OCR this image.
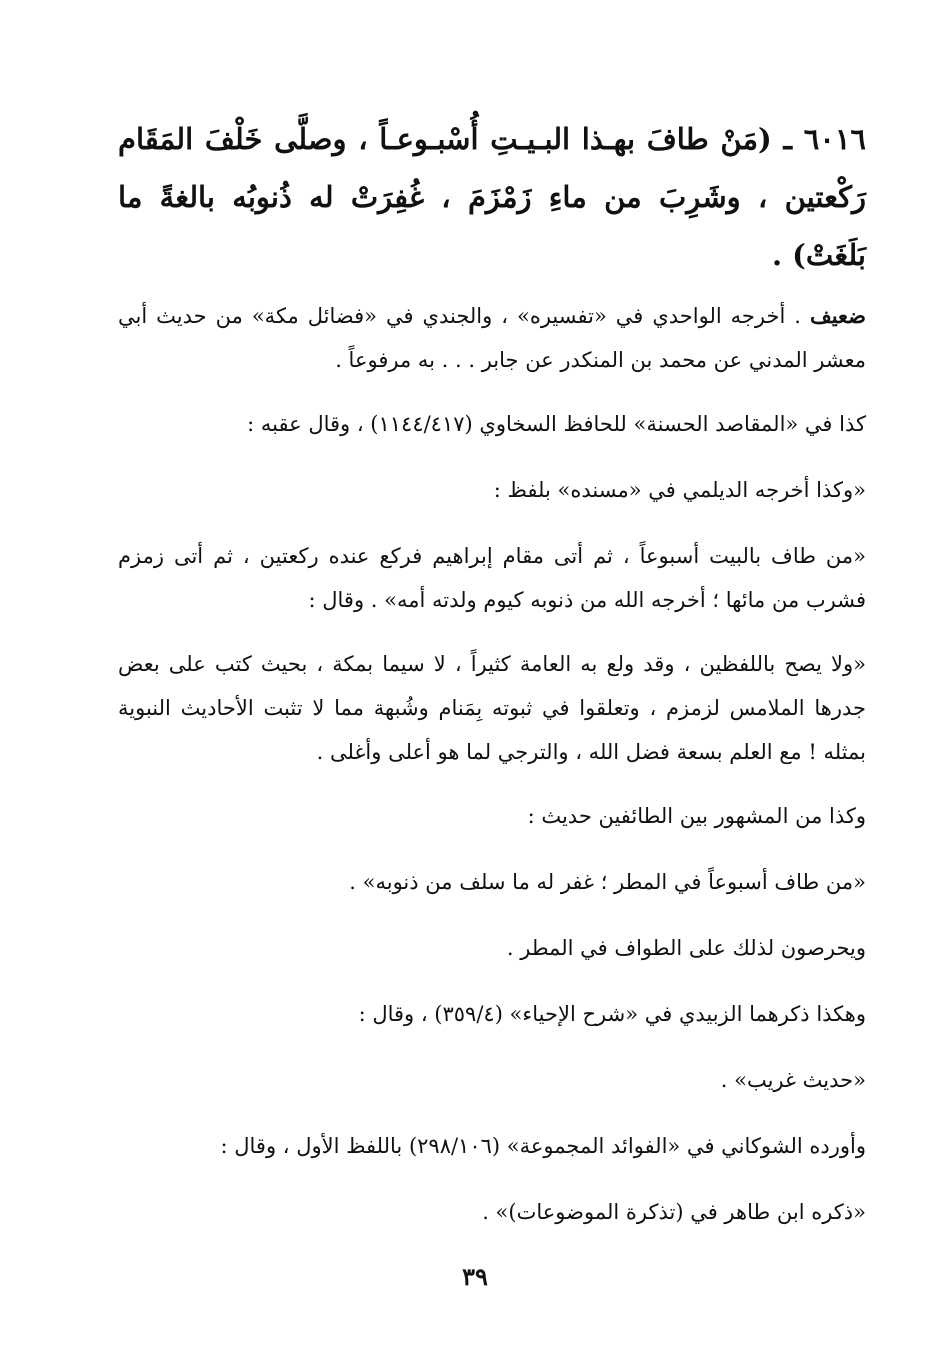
٦٠١٦ ـ (مَنْ طافَ بهـذا البـيـتِ أُسْبـوعـاً ، وصلَّى خَلْفَ المَقَام رَكْعتين ، وشَرِبَ من ماءِ زَمْزَمَ ، غُفِرَتْ له ذُنوبُه بالغةً ما بَلَغَتْ) .

ضعيف . أخرجه الواحدي في «تفسيره» ، والجندي في «فضائل مكة» من حديث أبي معشر المدني عن محمد بن المنكدر عن جابر . . . به مرفوعاً .

كذا في «المقاصد الحسنة» للحافظ السخاوي (١١٤٤/٤١٧) ، وقال عقبه :

«وكذا أخرجه الديلمي في «مسنده» بلفظ :

«من طاف بالبيت أسبوعاً ، ثم أتى مقام إبراهيم فركع عنده ركعتين ، ثم أتى زمزم فشرب من مائها ؛ أخرجه الله من ذنوبه كيوم ولدته أمه» . وقال :

«ولا يصح باللفظين ، وقد ولع به العامة كثيراً ، لا سيما بمكة ، بحيث كتب على بعض جدرها الملامس لزمزم ، وتعلقوا في ثبوته بِمَنام وشُبهة مما لا تثبت الأحاديث النبوية بمثله ! مع العلم بسعة فضل الله ، والترجي لما هو أعلى وأغلى .

وكذا من المشهور بين الطائفين حديث :

«من طاف أسبوعاً في المطر ؛ غفر له ما سلف من ذنوبه» .

ويحرصون لذلك على الطواف في المطر .

وهكذا ذكرهما الزبيدي في «شرح الإحياء» (٣٥٩/٤) ، وقال :

«حديث غريب» .

وأورده الشوكاني في «الفوائد المجموعة» (٢٩٨/١٠٦) باللفظ الأول ، وقال :

«ذكره ابن طاهر في (تذكرة الموضوعات)» .

٣٩
